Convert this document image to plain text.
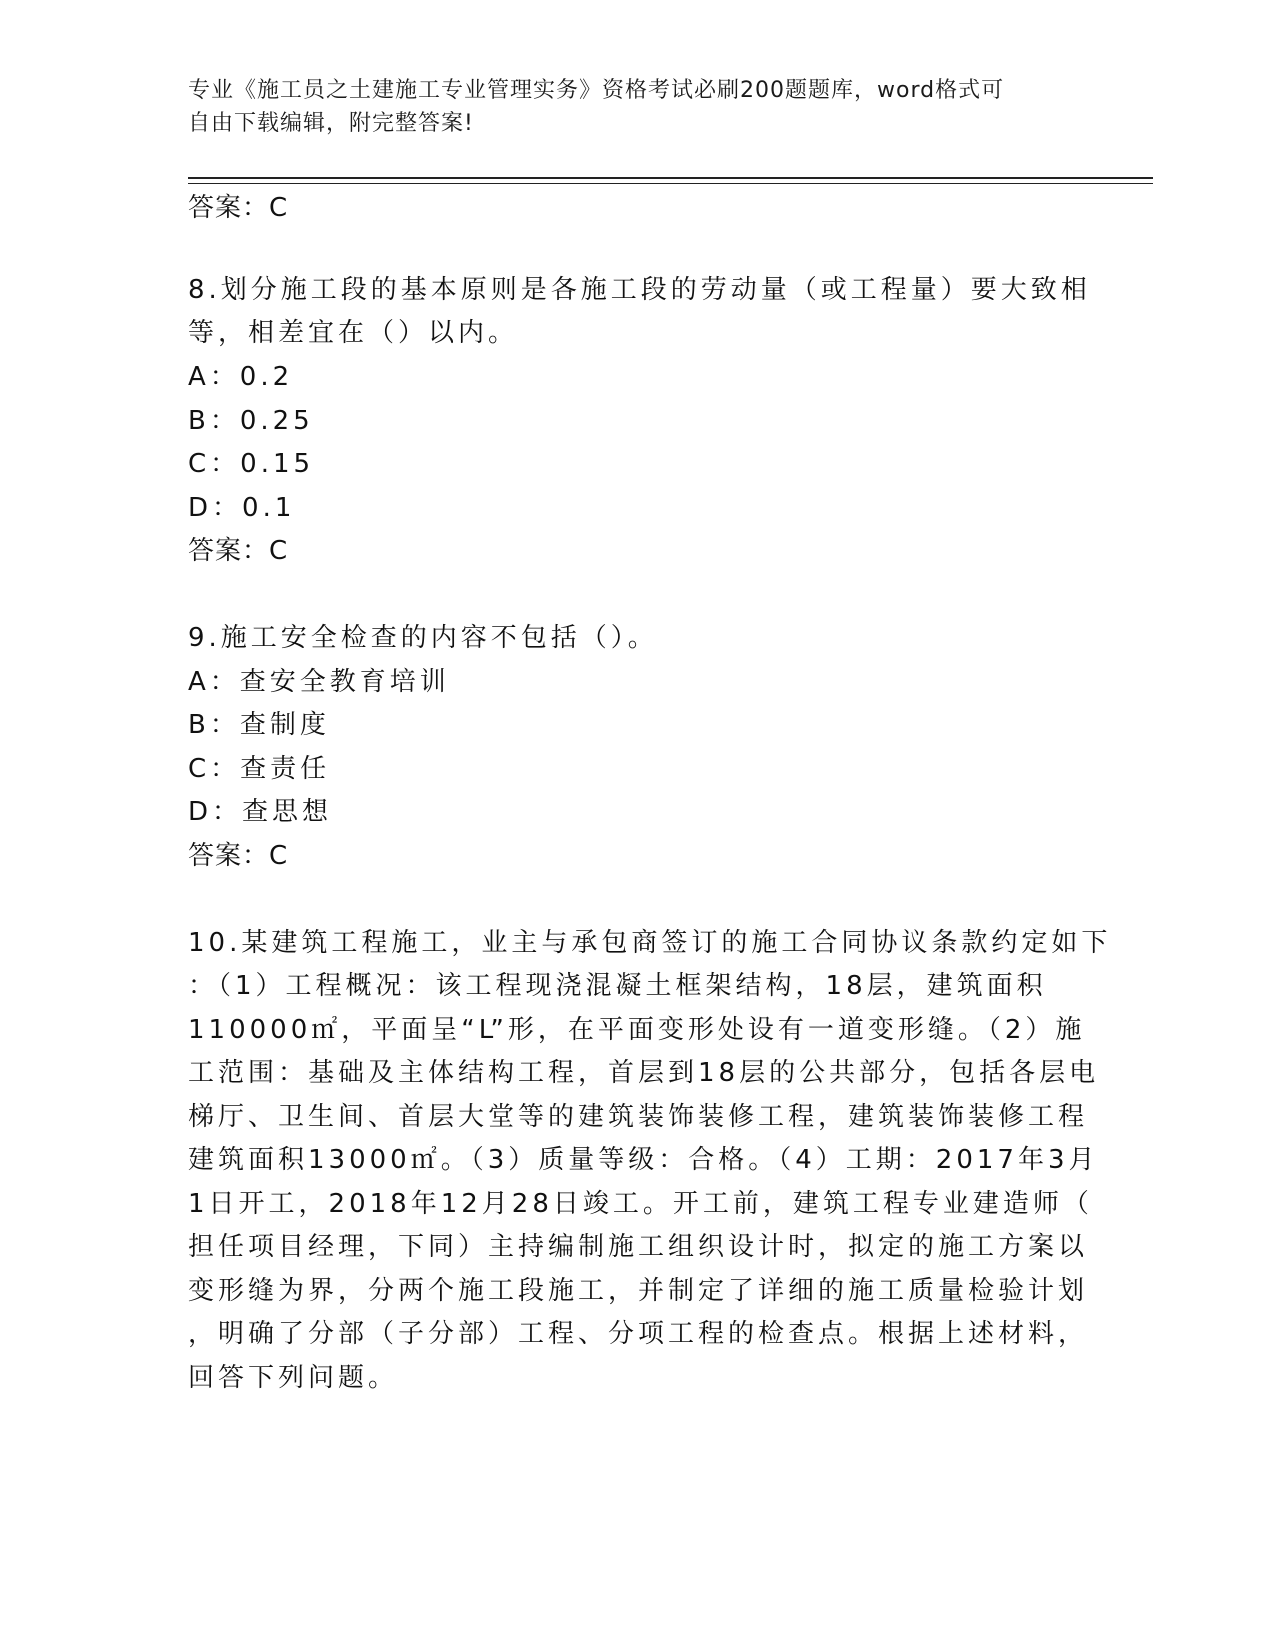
专业《施工员之土建施工专业管理实务》资格考试必刷200题题库，word格式可
自由下载编辑，附完整答案!
答案：C
8.划分施工段的基本原则是各施工段的劳动量（或工程量）要大致相
等，相差宜在（）以内。
A：0.2
B：0.25
C：0.15
D：0.1
答案：C
9.施工安全检查的内容不包括（）。
A：查安全教育培训
B：查制度
C：查责任
D：查思想
答案：C
10.某建筑工程施工，业主与承包商签订的施工合同协议条款约定如下
：（1）工程概况：该工程现浇混凝土框架结构，18层，建筑面积
110000㎡，平面呈“L”形，在平面变形处设有一道变形缝。（2）施
工范围：基础及主体结构工程，首层到18层的公共部分，包括各层电
梯厅、卫生间、首层大堂等的建筑装饰装修工程，建筑装饰装修工程
建筑面积13000㎡。（3）质量等级：合格。（4）工期：2017年3月
1日开工，2018年12月28日竣工。开工前，建筑工程专业建造师（
担任项目经理，下同）主持编制施工组织设计时，拟定的施工方案以
变形缝为界，分两个施工段施工，并制定了详细的施工质量检验计划
，明确了分部（子分部）工程、分项工程的检查点。根据上述材料，
回答下列问题。
